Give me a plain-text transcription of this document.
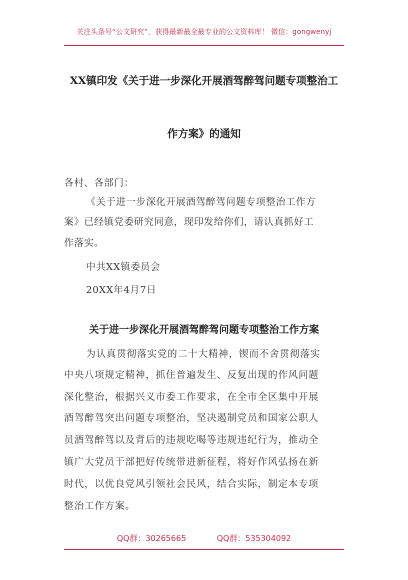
关注头条号“公文研究”，获得最新最全最专业的公文资料库！ 微信：gongwenyj
XX镇印发《关于进一步深化开展酒驾醉驾问题专项整治工
作方案》的通知
各村、各部门：
《关于进一步深化开展酒驾醉驾问题专项整治工作方
案》已经镇党委研究同意，现印发给你们，请认真抓好工
作落实。
中共XX镇委员会
20XX年4月7日
关于进一步深化开展酒驾醉驾问题专项整治工作方案
为认真贯彻落实党的二十大精神，锲而不舍贯彻落实
中央八项规定精神，抓住普遍发生、反复出现的作风问题
深化整治，根据兴义市委工作要求，在全市全区集中开展
酒驾醉驾突出问题专项整治，坚决遏制党员和国家公职人
员酒驾醉驾以及背后的违规吃喝等违规违纪行为，推动全
镇广大党员干部把好传统带进新征程，将好作风弘扬在新
时代，以优良党风引领社会民风，结合实际，制定本专项
整治工作方案。
QQ群：30265665	QQ群：535304092
